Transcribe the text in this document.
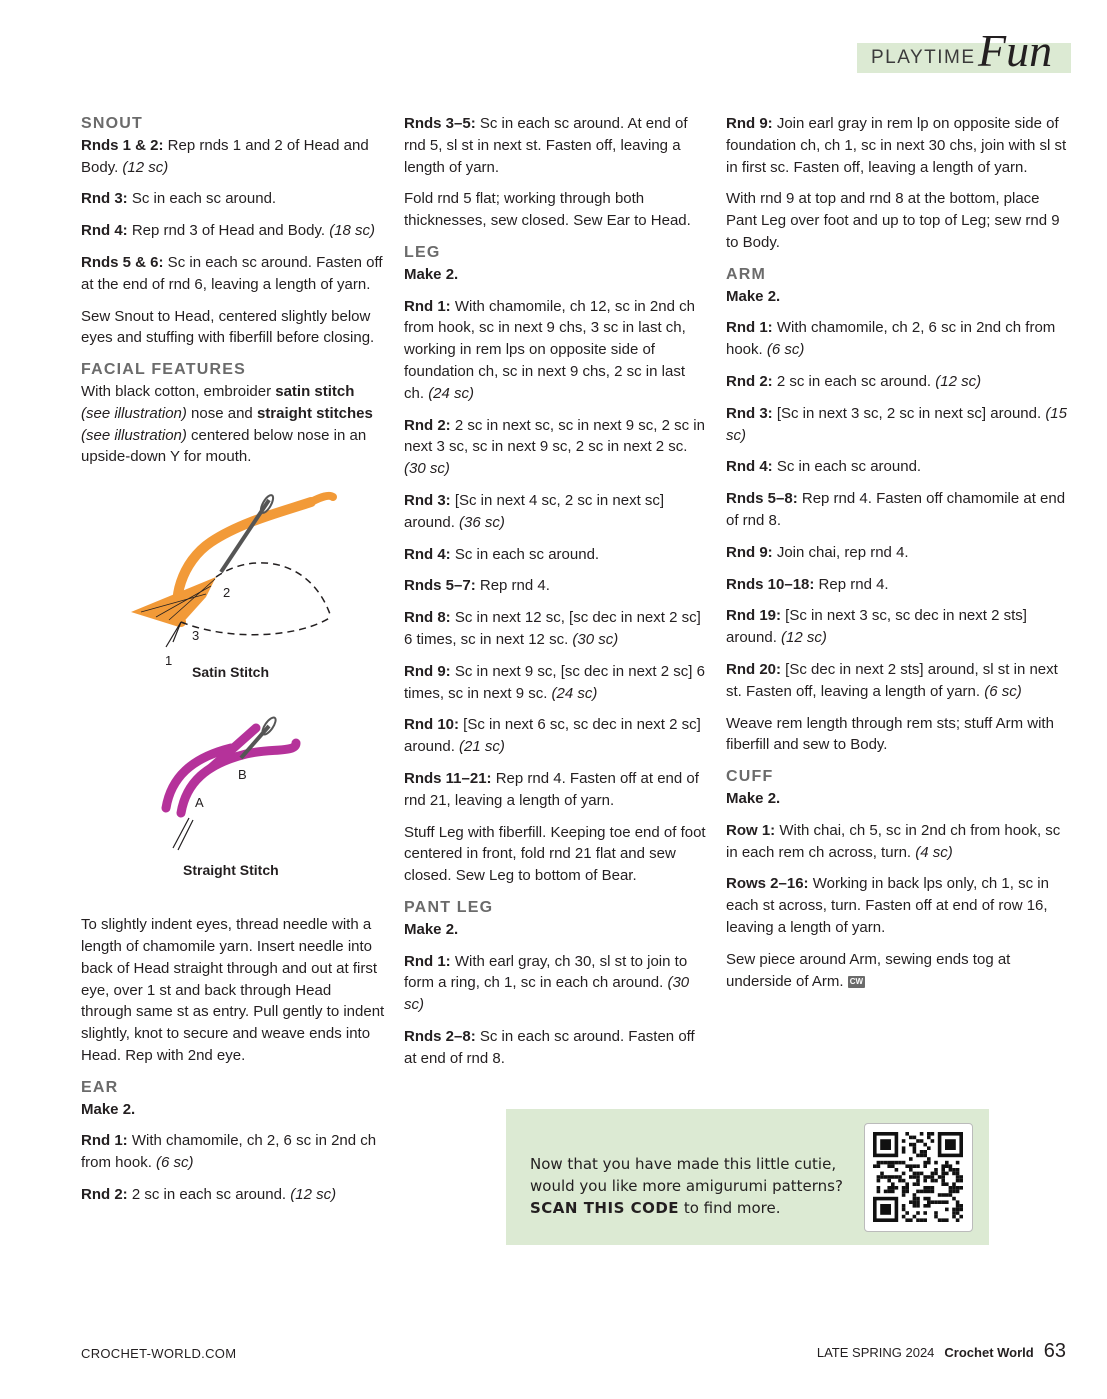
PLAYTIME Fun
SNOUT

Rnds 1 & 2: Rep rnds 1 and 2 of Head and Body. (12 sc)

Rnd 3: Sc in each sc around.

Rnd 4: Rep rnd 3 of Head and Body. (18 sc)

Rnds 5 & 6: Sc in each sc around. Fasten off at the end of rnd 6, leaving a length of yarn.

Sew Snout to Head, centered slightly below eyes and stuffing with fiberfill before closing.

FACIAL FEATURES

With black cotton, embroider satin stitch (see illustration) nose and straight stitches (see illustration) centered below nose in an upside-down Y for mouth.

1
2
3
Satin Stitch
A
B
Straight Stitch

To slightly indent eyes, thread needle with a length of chamomile yarn. Insert needle into back of Head straight through and out at first eye, over 1 st and back through Head through same st as entry. Pull gently to indent slightly, knot to secure and weave ends into Head. Rep with 2nd eye.

EAR

Make 2.

Rnd 1: With chamomile, ch 2, 6 sc in 2nd ch from hook. (6 sc)

Rnd 2: 2 sc in each sc around. (12 sc)

Rnds 3–5: Sc in each sc around. At end of rnd 5, sl st in next st. Fasten off, leaving a length of yarn.

Fold rnd 5 flat; working through both thicknesses, sew closed. Sew Ear to Head.

LEG

Make 2.

Rnd 1: With chamomile, ch 12, sc in 2nd ch from hook, sc in next 9 chs, 3 sc in last ch, working in rem lps on opposite side of foundation ch, sc in next 9 chs, 2 sc in last ch. (24 sc)

Rnd 2: 2 sc in next sc, sc in next 9 sc, 2 sc in next 3 sc, sc in next 9 sc, 2 sc in next 2 sc. (30 sc)

Rnd 3: [Sc in next 4 sc, 2 sc in next sc] around. (36 sc)

Rnd 4: Sc in each sc around.

Rnds 5–7: Rep rnd 4.

Rnd 8: Sc in next 12 sc, [sc dec in next 2 sc] 6 times, sc in next 12 sc. (30 sc)

Rnd 9: Sc in next 9 sc, [sc dec in next 2 sc] 6 times, sc in next 9 sc. (24 sc)

Rnd 10: [Sc in next 6 sc, sc dec in next 2 sc] around. (21 sc)

Rnds 11–21: Rep rnd 4. Fasten off at end of rnd 21, leaving a length of yarn.

Stuff Leg with fiberfill. Keeping toe end of foot centered in front, fold rnd 21 flat and sew closed. Sew Leg to bottom of Bear.

PANT LEG

Make 2.

Rnd 1: With earl gray, ch 30, sl st to join to form a ring, ch 1, sc in each ch around. (30 sc)

Rnds 2–8: Sc in each sc around. Fasten off at end of rnd 8.

Rnd 9: Join earl gray in rem lp on opposite side of foundation ch, ch 1, sc in next 30 chs, join with sl st in first sc. Fasten off, leaving a length of yarn.

With rnd 9 at top and rnd 8 at the bottom, place Pant Leg over foot and up to top of Leg; sew rnd 9 to Body.

ARM

Make 2.

Rnd 1: With chamomile, ch 2, 6 sc in 2nd ch from hook. (6 sc)

Rnd 2: 2 sc in each sc around. (12 sc)

Rnd 3: [Sc in next 3 sc, 2 sc in next sc] around. (15 sc)

Rnd 4: Sc in each sc around.

Rnds 5–8: Rep rnd 4. Fasten off chamomile at end of rnd 8.

Rnd 9: Join chai, rep rnd 4.

Rnds 10–18: Rep rnd 4.

Rnd 19: [Sc in next 3 sc, sc dec in next 2 sts] around. (12 sc)

Rnd 20: [Sc dec in next 2 sts] around, sl st in next st. Fasten off, leaving a length of yarn. (6 sc)

Weave rem length through rem sts; stuff Arm with fiberfill and sew to Body.

CUFF

Make 2.

Row 1: With chai, ch 5, sc in 2nd ch from hook, sc in each rem ch across, turn. (4 sc)

Rows 2–16: Working in back lps only, ch 1, sc in each st across, turn. Fasten off at end of row 16, leaving a length of yarn.

Sew piece around Arm, sewing ends tog at underside of Arm. CW

Now that you have made this little cutie, would you like more amigurumi patterns? SCAN THIS CODE to find more.
CROCHET-WORLD.COM	LATE SPRING 2024 Crochet World 63
